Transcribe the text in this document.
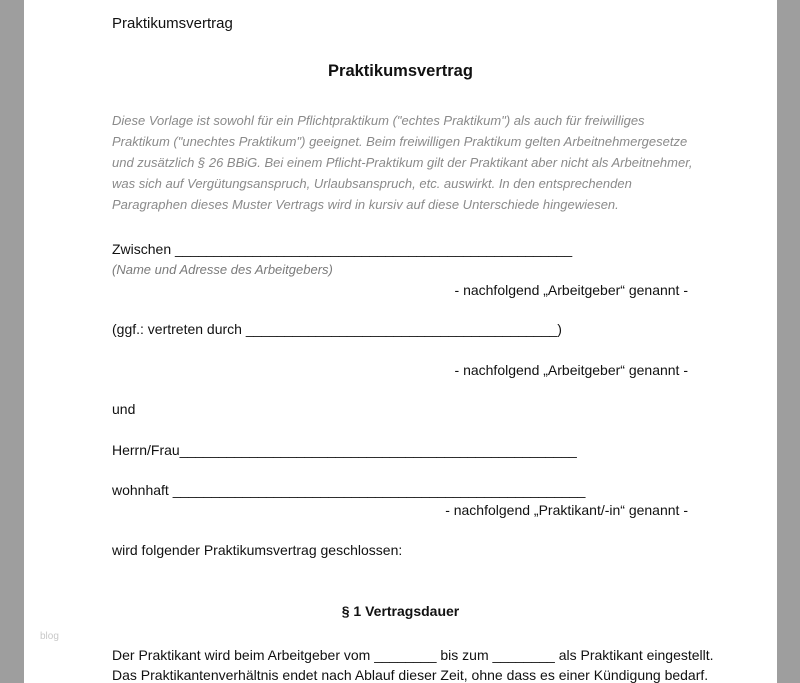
Praktikumsvertrag
Praktikumsvertrag
Diese Vorlage ist sowohl für ein Pflichtpraktikum ("echtes Praktikum") als auch für freiwilliges
Praktikum ("unechtes Praktikum") geeignet. Beim freiwilligen Praktikum gelten Arbeitnehmergesetze
und zusätzlich § 26 BBiG. Bei einem Pflicht-Praktikum gilt der Praktikant aber nicht als Arbeitnehmer,
was sich auf Vergütungsanspruch, Urlaubsanspruch, etc. auswirkt. In den entsprechenden
Paragraphen dieses Muster Vertrags wird in kursiv auf diese Unterschiede hingewiesen.
Zwischen ___________________________________________________
(Name und Adresse des Arbeitgebers)
- nachfolgend „Arbeitgeber“ genannt -
(ggf.: vertreten durch ________________________________________)
- nachfolgend „Arbeitgeber“ genannt -
und
Herrn/Frau___________________________________________________
wohnhaft _____________________________________________________
- nachfolgend „Praktikant/-in“ genannt -
wird folgender Praktikumsvertrag geschlossen:
§ 1 Vertragsdauer
Der Praktikant wird beim Arbeitgeber vom ________ bis zum ________ als Praktikant eingestellt.
Das Praktikantenverhältnis endet nach Ablauf dieser Zeit, ohne dass es einer Kündigung bedarf.
blog
